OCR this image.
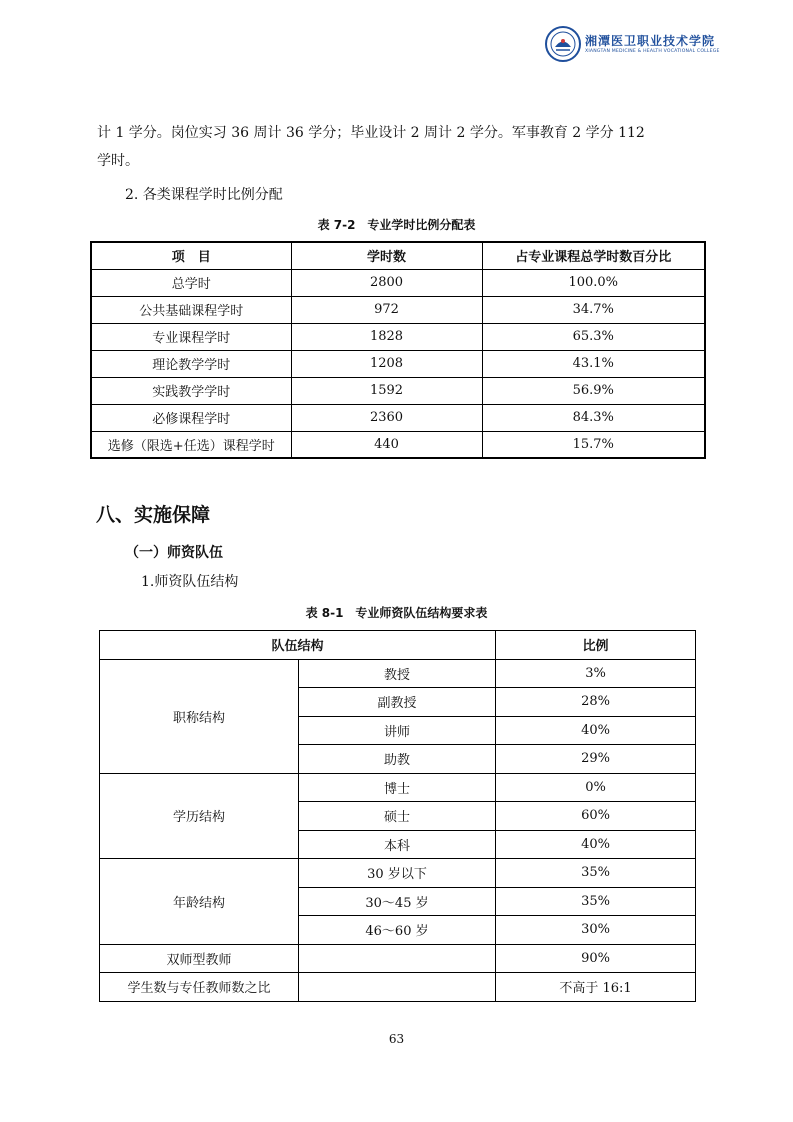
湘潭医卫职业技术学院
XIANGTAN MEDICINE & HEALTH VOCATIONAL COLLEGE
计 1 学分。岗位实习 36 周计 36 学分；毕业设计 2 周计 2 学分。军事教育 2 学分 112
学时。
2. 各类课程学时比例分配
表 7-2　专业学时比例分配表
项　目	学时数	占专业课程总学时数百分比
总学时	2800	100.0%
公共基础课程学时	972	34.7%
专业课程学时	1828	65.3%
理论教学学时	1208	43.1%
实践教学学时	1592	56.9%
必修课程学时	2360	84.3%
选修（限选+任选）课程学时	440	15.7%
八、实施保障
（一）师资队伍
1.师资队伍结构
表 8-1　专业师资队伍结构要求表
队伍结构		比例
职称结构	教授	3%
	副教授	28%
	讲师	40%
	助教	29%
学历结构	博士	0%
	硕士	60%
	本科	40%
年龄结构	30 岁以下	35%
	30～45 岁	35%
	46～60 岁	30%
双师型教师		90%
学生数与专任教师数之比		不高于 16:1
63
